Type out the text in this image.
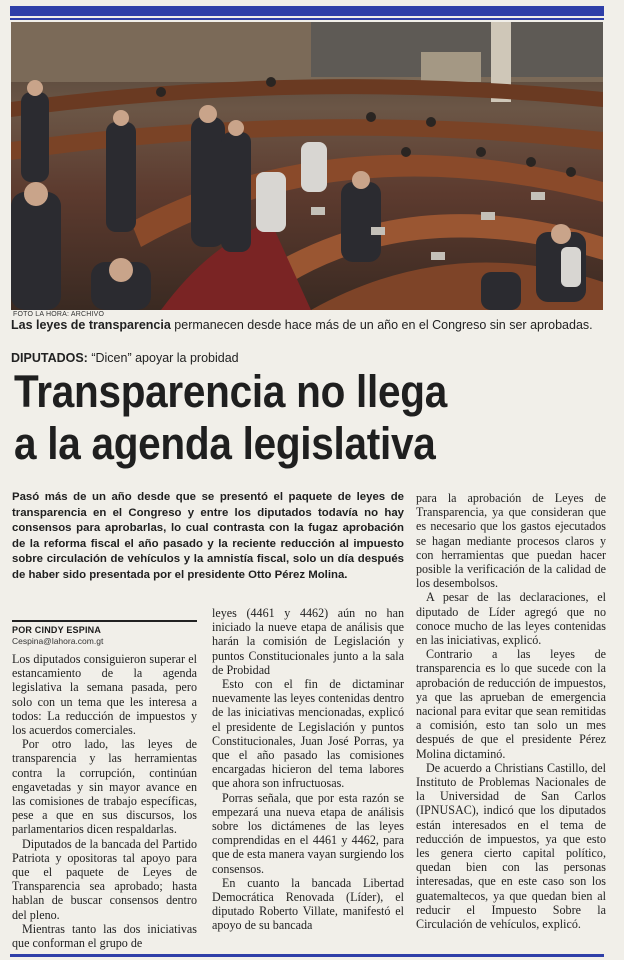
FOTO LA HORA: ARCHIVO
Las leyes de transparencia permanecen desde hace más de un año en el Congreso sin ser aprobadas.
DIPUTADOS: “Dicen” apoyar la probidad
Transparencia no llega
a la agenda legislativa
Pasó más de un año desde que se presentó el paquete de leyes de transparencia en el Congreso y entre los diputados todavía no hay consensos para aprobarlas, lo cual contrasta con la fugaz aprobación de la reforma fiscal el año pasado y la reciente reducción al impuesto sobre circulación de vehículos y la amnistía fiscal, solo un día después de haber sido presentada por el presidente Otto Pérez Molina.
POR CINDY ESPINA
Cespina@lahora.com.gt

Los diputados consiguieron superar el estancamiento de la agenda legislativa la semana pasada, pero solo con un tema que les interesa a todos: La reducción de impuestos y los acuerdos comerciales.

Por otro lado, las leyes de transparencia y las herramientas contra la corrupción, continúan engavetadas y sin mayor avance en las comisiones de trabajo específicas, pese a que en sus discursos, los parlamentarios dicen respaldarlas.

Diputados de la bancada del Partido Patriota y opositoras tal apoyo para que el paquete de Leyes de Transparencia sea aprobado; hasta hablan de buscar consensos dentro del pleno.

Mientras tanto las dos iniciativas que conforman el grupo de

leyes (4461 y 4462) aún no han iniciado la nueve etapa de análisis que harán la comisión de Legislación y puntos Constitucionales junto a la sala de Probidad

Esto con el fin de dictaminar nuevamente las leyes contenidas dentro de las iniciativas mencionadas, explicó el presidente de Legislación y puntos Constitucionales, Juan José Porras, ya que el año pasado las comisiones encargadas hicieron del tema labores que ahora son infructuosas.

Porras señala, que por esta razón se empezará una nueva etapa de análisis sobre los dictámenes de las leyes comprendidas en el 4461 y 4462, para que de esta manera vayan surgiendo los consensos.

En cuanto la bancada Libertad Democrática Renovada (Líder), el diputado Roberto Villate, manifestó el apoyo de su bancada

para la aprobación de Leyes de Transparencia, ya que consideran que es necesario que los gastos ejecutados se hagan mediante procesos claros y con herramientas que puedan hacer posible la verificación de la calidad de los desembolsos.

A pesar de las declaraciones, el diputado de Líder agregó que no conoce mucho de las leyes contenidas en las iniciativas, explicó.

Contrario a las leyes de transparencia es lo que sucede con la aprobación de reducción de impuestos, ya que las aprueban de emergencia nacional para evitar que sean remitidas a comisión, esto tan solo un mes después de que el presidente Pérez Molina dictaminó.

De acuerdo a Christians Castillo, del Instituto de Problemas Nacionales de la Universidad de San Carlos (IPNUSAC), indicó que los diputados están interesados en el tema de reducción de impuestos, ya que esto les genera cierto capital político, quedan bien con las personas interesadas, que en este caso son los guatemaltecos, ya que quedan bien al reducir el Impuesto Sobre la Circulación de vehículos, explicó.
